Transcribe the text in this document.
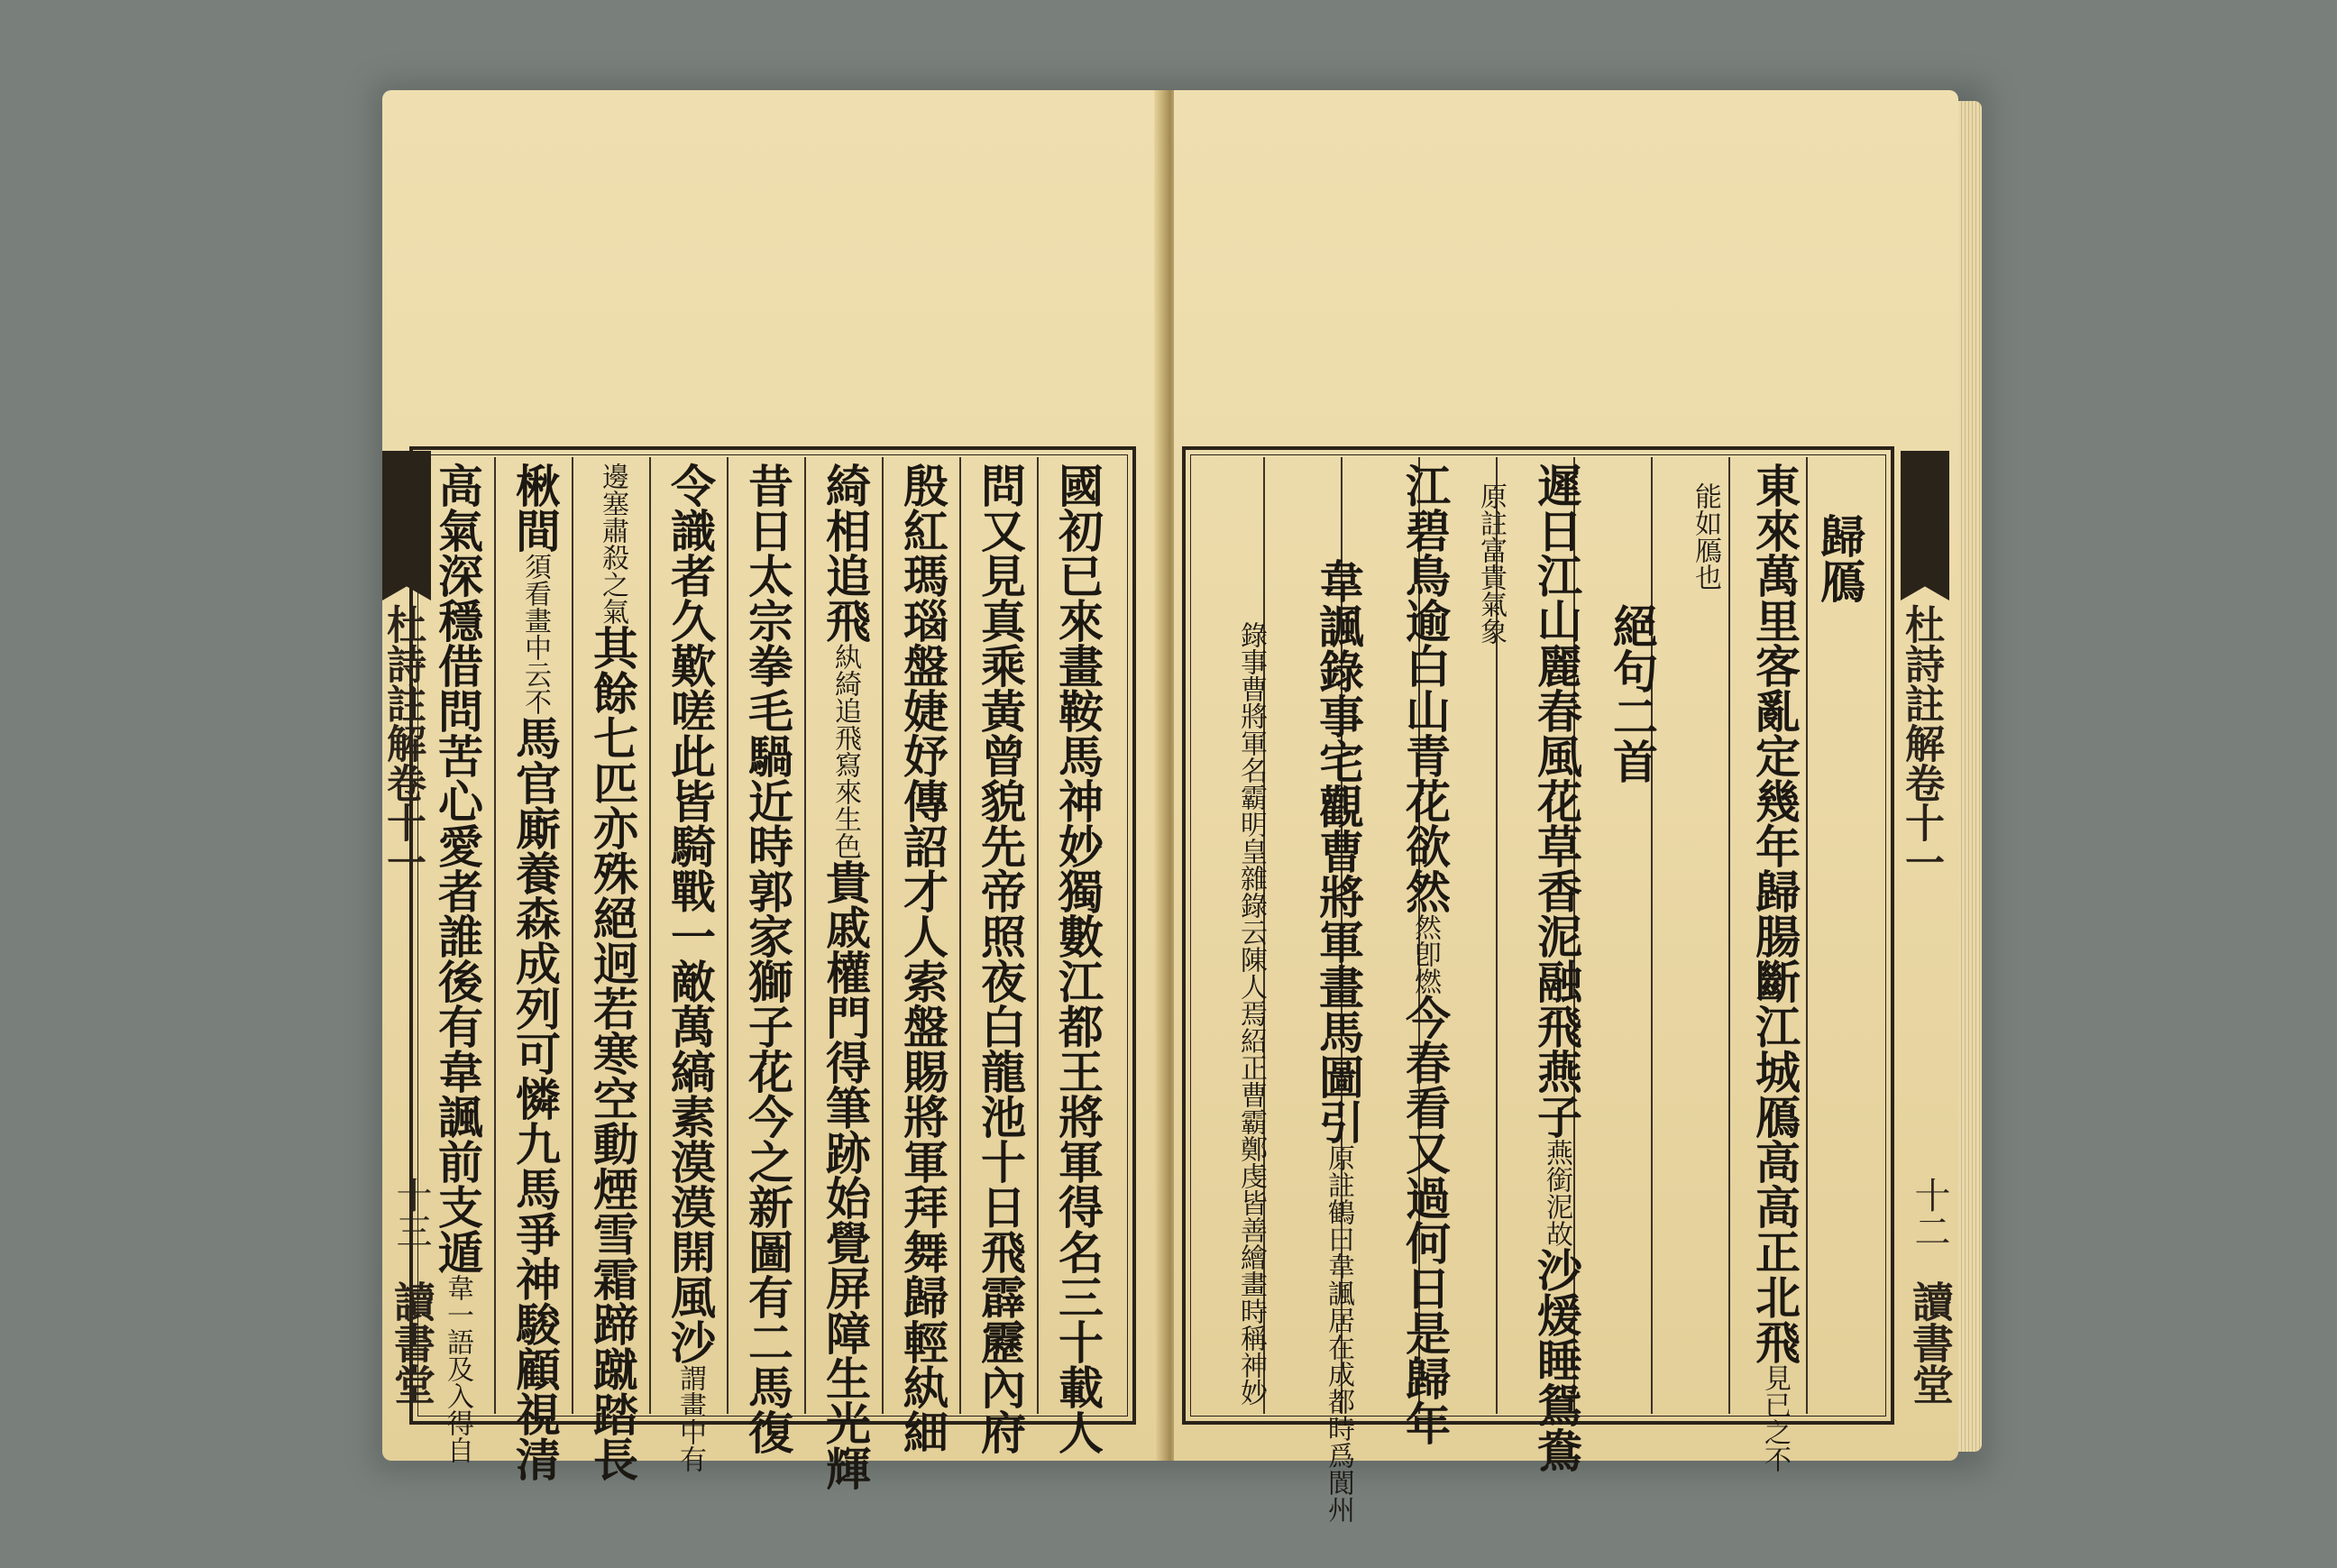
杜詩註解卷十一
十三
讀書堂	國初已來畫鞍馬神妙獨數江都王將軍得名三十載人
問又見真乘黃曾貌先帝照夜白龍池十日飛霹靂內府
殷紅瑪瑙盤婕妤傳詔才人索盤賜將軍拜舞歸輕紈細
綺相追飛紈綺追飛寫來生色貴戚權門得筆跡始覺屏障生光輝
昔日太宗拳毛騧近時郭家獅子花今之新圖有二馬復
令識者久歎嗟此皆騎戰一敵萬縞素漠漠開風沙謂畫中有
邊塞肅殺之氣其餘七匹亦殊絕迥若寒空動煙雪霜蹄蹴踏長
楸間須看畫中云不馬官廝養森成列可憐九馬爭神駿顧視清
高氣深穩借問苦心愛者誰後有韋諷前支遁韋一語及入得自
歸鴈
東來萬里客亂定幾年歸腸斷江城鴈高高正北飛見已之不
能如鴈也
絕句二首
遲日江山麗春風花草香泥融飛燕子燕銜泥故沙煖睡鴛鴦
原註富貴氣象
江碧鳥逾白山青花欲然然卽燃今春看又過何日是歸年
韋諷錄事宅觀曹將軍畫馬圖引原註鶴曰韋諷居在成都時爲閬州
錄事曹將軍名霸明皇雜錄云陳人焉紹正曹霸鄭虔皆善繪畫時稱神妙	杜詩註解卷十一
十二
讀書堂
